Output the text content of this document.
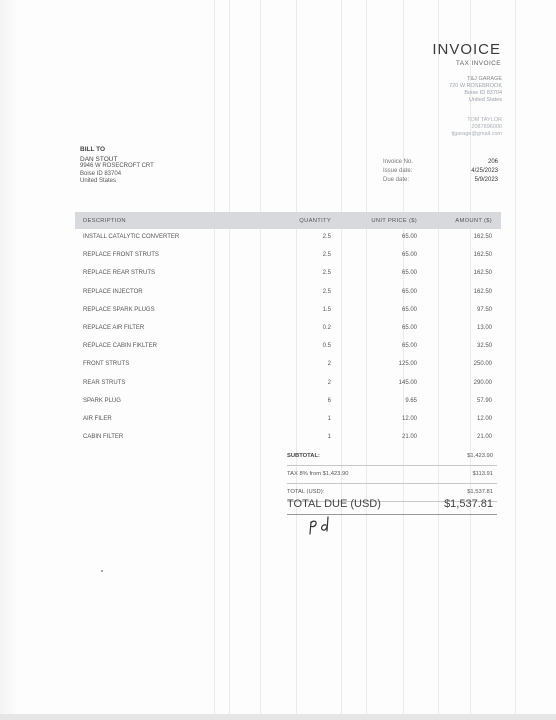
INVOICE
TAX INVOICE
T&J GARAGE
720 W ROSEBROOK
Boise ID 83704
United States
TOM TAYLOR
2087896000
tjgarage@gmail.com
BILL TO
DAN STOUT
9946 W ROSECROFT CRT
Boise ID 83704
United States
Invoice No.	206
Issue date:	4/25/2023
Due date:	5/9/2023
DESCRIPTION	QUANTITY	UNIT PRICE ($)	AMOUNT ($)
INSTALL CATALYTIC CONVERTER	2.5	65.00	162.50
REPLACE FRONT STRUTS	2.5	65.00	162.50
REPLACE REAR STRUTS	2.5	65.00	162.50
REPLACE INJECTOR	2.5	65.00	162.50
REPLACE SPARK PLUGS	1.5	65.00	97.50
REPLACE AIR FILTER	0.2	65.00	13.00
REPLACE CABIN FIKLTER	0.5	65.00	32.50
FRONT STRUTS	2	125.00	250.00
REAR STRUTS	2	145.00	290.00
SPARK PLUG	6	9.65	57.90
AIR FILER	1	12.00	12.00
CABIN FILTER	1	21.00	21.00
SUBTOTAL:	$1,423.90
TAX 8% from $1,423.90	$113.91
TOTAL (USD):	$1,537.81
TOTAL DUE (USD)	$1,537.81
